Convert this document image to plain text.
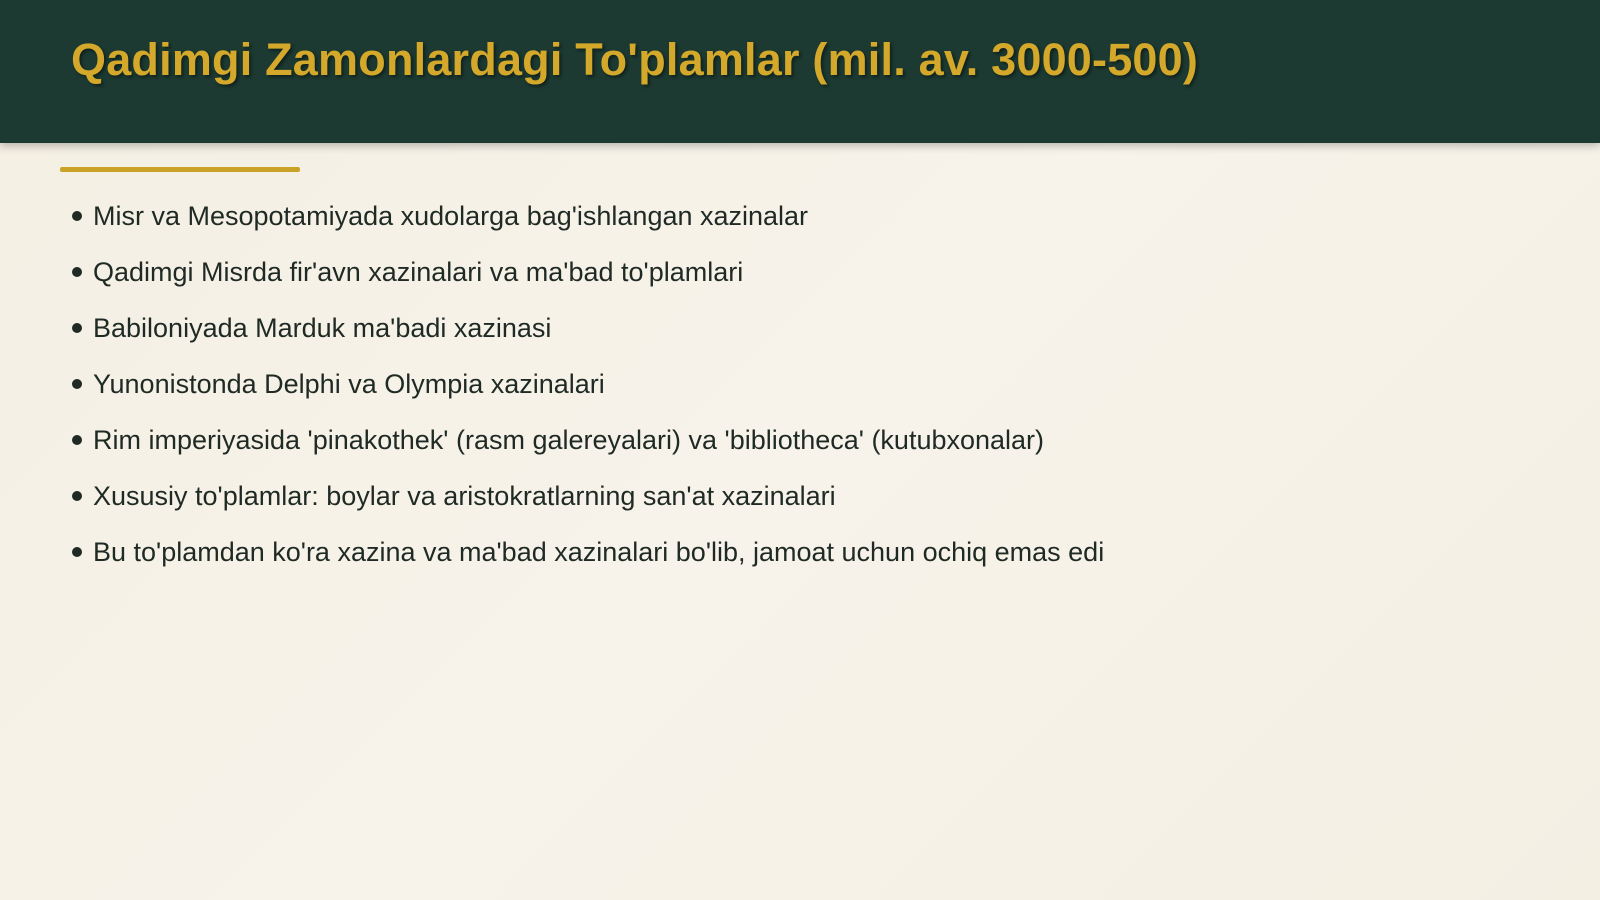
Qadimgi Zamonlardagi To'plamlar (mil. av. 3000-500)
Misr va Mesopotamiyada xudolarga bag'ishlangan xazinalar
Qadimgi Misrda fir'avn xazinalari va ma'bad to'plamlari
Babiloniyada Marduk ma'badi xazinasi
Yunonistonda Delphi va Olympia xazinalari
Rim imperiyasida 'pinakothek' (rasm galereyalari) va 'bibliotheca' (kutubxonalar)
Xususiy to'plamlar: boylar va aristokratlarning san'at xazinalari
Bu to'plamdan ko'ra xazina va ma'bad xazinalari bo'lib, jamoat uchun ochiq emas edi
